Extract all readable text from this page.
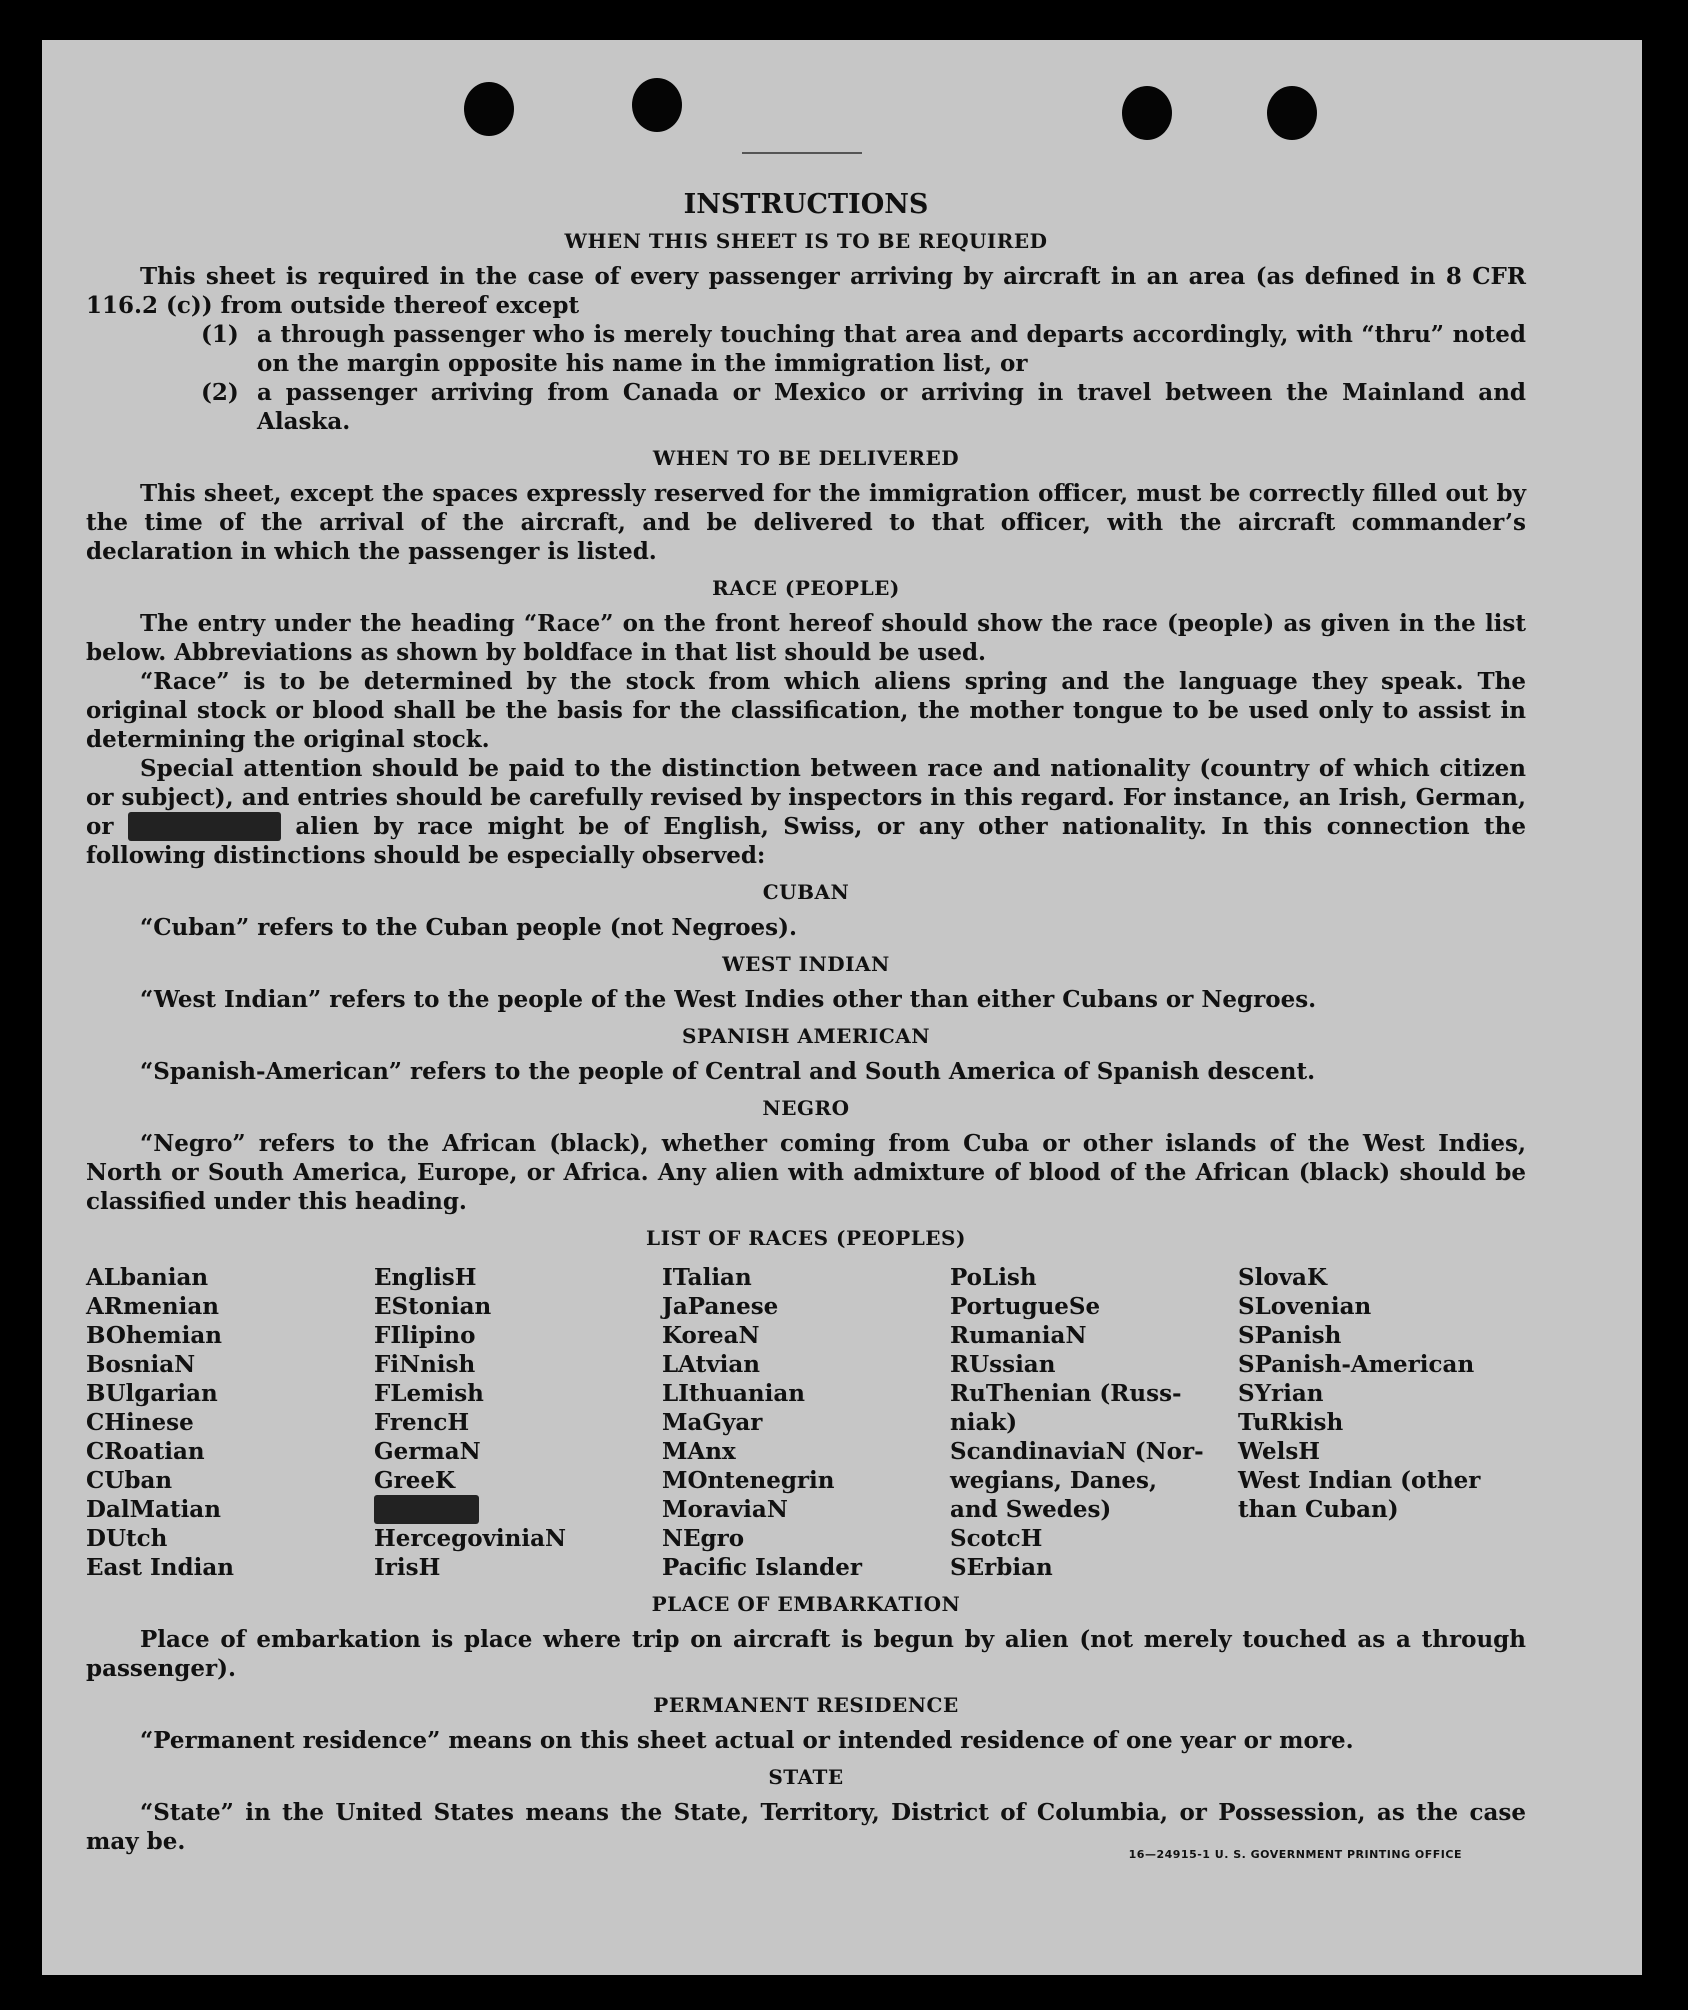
INSTRUCTIONS
WHEN THIS SHEET IS TO BE REQUIRED

This sheet is required in the case of every passenger arriving by aircraft in an area (as defined in 8 CFR 116.2 (c)) from outside thereof except

(1) a through passenger who is merely touching that area and departs accordingly, with “thru” noted on the margin opposite his name in the immigration list, or
(2) a passenger arriving from Canada or Mexico or arriving in travel between the Mainland and Alaska.
WHEN TO BE DELIVERED

This sheet, except the spaces expressly reserved for the immigration officer, must be correctly filled out by the time of the arrival of the aircraft, and be delivered to that officer, with the aircraft commander’s declaration in which the passenger is listed.

RACE (PEOPLE)

The entry under the heading “Race” on the front hereof should show the race (people) as given in the list below. Abbreviations as shown by boldface in that list should be used.

“Race” is to be determined by the stock from which aliens spring and the language they speak. The original stock or blood shall be the basis for the classification, the mother tongue to be used only to assist in determining the original stock.

Special attention should be paid to the distinction between race and nationality (country of which citizen or subject), and entries should be carefully revised by inspectors in this regard. For instance, an Irish, German, or	alien by race might be of English, Swiss, or any other nationality. In this connection the following distinctions should be especially observed:

CUBAN

“Cuban” refers to the Cuban people (not Negroes).

WEST INDIAN

“West Indian” refers to the people of the West Indies other than either Cubans or Negroes.

SPANISH AMERICAN

“Spanish-American” refers to the people of Central and South America of Spanish descent.

NEGRO

“Negro” refers to the African (black), whether coming from Cuba or other islands of the West Indies, North or South America, Europe, or Africa. Any alien with admixture of blood of the African (black) should be classified under this heading.

LIST OF RACES (PEOPLES)
ALbanian
ARmenian
BOhemian
BosniaN
BUlgarian
CHinese
CRoatian
CUban
DalMatian
DUtch
East Indian
EnglisH
EStonian
FIlipino
FiNnish
FLemish
FrencH
GermaN
GreeK
HercegoviniaN
IrisH
ITalian
JaPanese
KoreaN
LAtvian
LIthuanian
MaGyar
MAnx
MOntenegrin
MoraviaN
NEgro
Pacific Islander
PoLish
PortugueSe
RumaniaN
RUssian
RuThenian (Russ-
niak)
ScandinaviaN (Nor-
wegians, Danes,
and Swedes)
ScotcH
SErbian
SlovaK
SLovenian
SPanish
SPanish-American
SYrian
TuRkish
WelsH
West Indian (other
than Cuban)
PLACE OF EMBARKATION

Place of embarkation is place where trip on aircraft is begun by alien (not merely touched as a through passenger).

PERMANENT RESIDENCE

“Permanent residence” means on this sheet actual or intended residence of one year or more.

STATE

“State” in the United States means the State, Territory, District of Columbia, or Possession, as the case may be.	16—24915-1 U. S. GOVERNMENT PRINTING OFFICE
